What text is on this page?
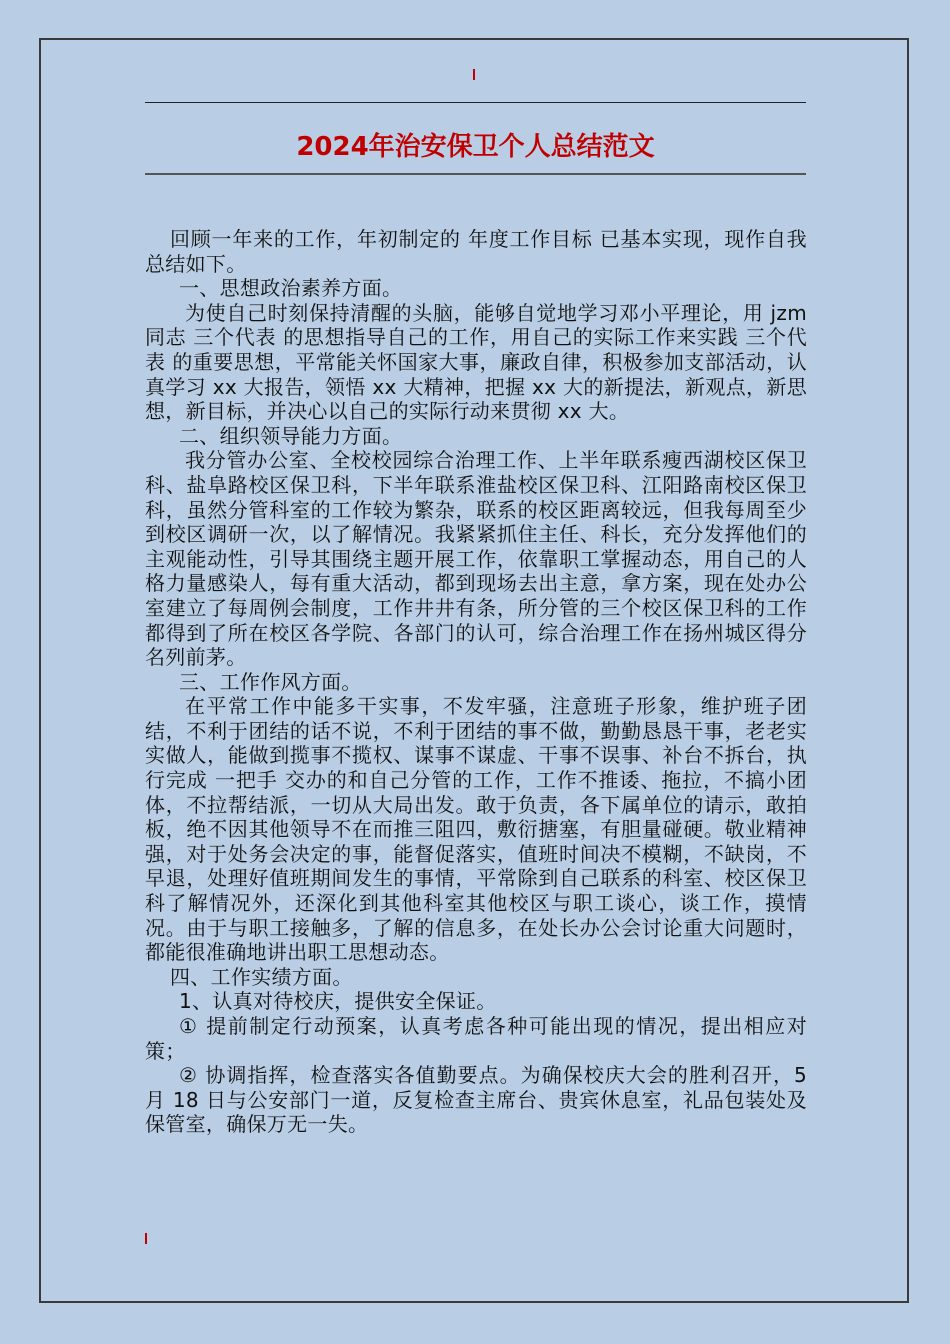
2024年治安保卫个人总结范文

回顾一年来的工作，年初制定的 年度工作目标 已基本实现，现作自我总结如下。

一、思想政治素养方面。

为使自己时刻保持清醒的头脑，能够自觉地学习邓小平理论，用 jzm 同志 三个代表 的思想指导自己的工作，用自己的实际工作来实践 三个代表 的重要思想，平常能关怀国家大事，廉政自律，积极参加支部活动，认真学习 xx 大报告，领悟 xx 大精神，把握 xx 大的新提法，新观点，新思想，新目标，并决心以自己的实际行动来贯彻 xx 大。

二、组织领导能力方面。

我分管办公室、全校校园综合治理工作、上半年联系瘦西湖校区保卫科、盐阜路校区保卫科，下半年联系淮盐校区保卫科、江阳路南校区保卫科，虽然分管科室的工作较为繁杂，联系的校区距离较远，但我每周至少到校区调研一次，以了解情况。我紧紧抓住主任、科长，充分发挥他们的主观能动性，引导其围绕主题开展工作，依靠职工掌握动态，用自己的人格力量感染人，每有重大活动，都到现场去出主意，拿方案，现在处办公室建立了每周例会制度，工作井井有条，所分管的三个校区保卫科的工作都得到了所在校区各学院、各部门的认可，综合治理工作在扬州城区得分名列前茅。

三、工作作风方面。

在平常工作中能多干实事，不发牢骚，注意班子形象，维护班子团结，不利于团结的话不说，不利于团结的事不做，勤勤恳恳干事，老老实实做人，能做到揽事不揽权、谋事不谋虚、干事不误事、补台不拆台，执行完成 一把手 交办的和自己分管的工作，工作不推诿、拖拉，不搞小团体，不拉帮结派，一切从大局出发。敢于负责，各下属单位的请示，敢拍板，绝不因其他领导不在而推三阻四，敷衍搪塞，有胆量碰硬。敬业精神强，对于处务会决定的事，能督促落实，值班时间决不模糊，不缺岗，不早退，处理好值班期间发生的事情，平常除到自己联系的科室、校区保卫科了解情况外，还深化到其他科室其他校区与职工谈心，谈工作，摸情况。由于与职工接触多，了解的信息多，在处长办公会讨论重大问题时，都能很准确地讲出职工思想动态。

四、工作实绩方面。

1、认真对待校庆，提供安全保证。

① 提前制定行动预案，认真考虑各种可能出现的情况，提出相应对策；

② 协调指挥，检查落实各值勤要点。为确保校庆大会的胜利召开，5 月 18 日与公安部门一道，反复检查主席台、贵宾休息室，礼品包装处及保管室，确保万无一失。
